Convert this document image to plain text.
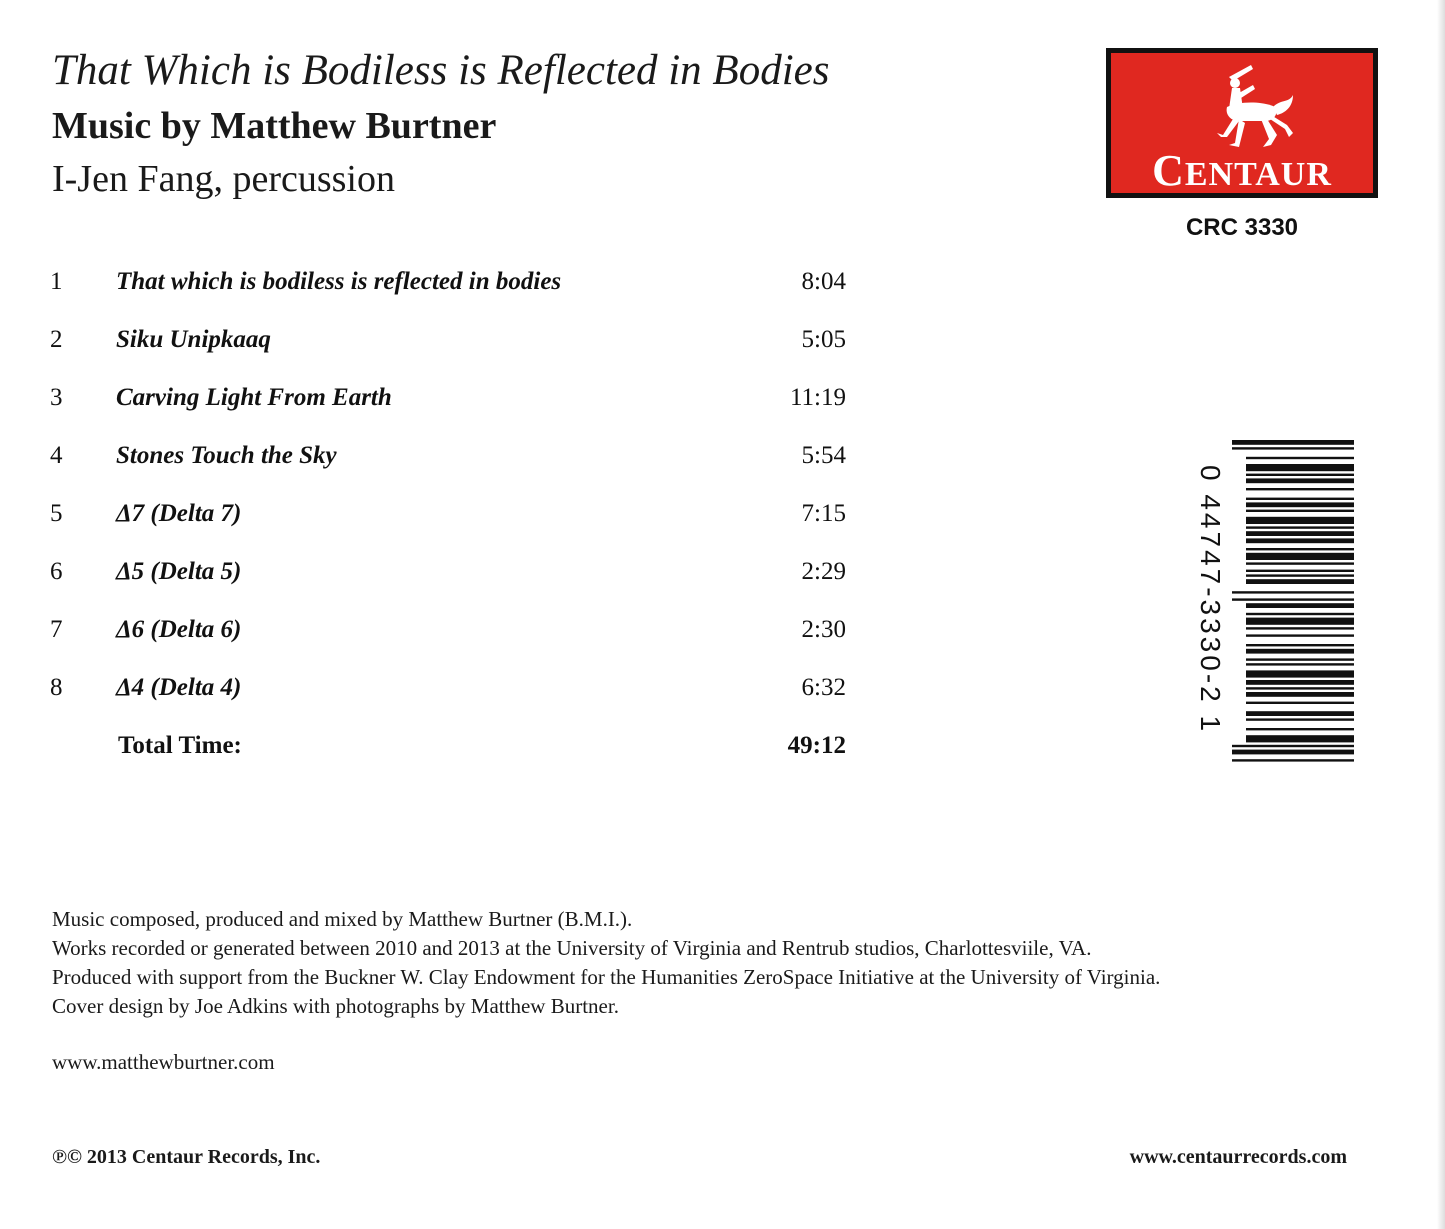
That Which is Bodiless is Reflected in Bodies
Music by Matthew Burtner
I-Jen Fang, percussion	CENTAUR
CRC 3330
1 That which is bodiless is reflected in bodies	8:04
2 Siku Unipkaaq	5:05
3 Carving Light From Earth	11:19
4 Stones Touch the Sky	5:54
5 Δ7 (Delta 7)	7:15
6 Δ5 (Delta 5)	2:29
7 Δ6 (Delta 6)	2:30
8 Δ4 (Delta 4)	6:32
Total Time:	49:12
0 44747-3330-2 1
Music composed, produced and mixed by Matthew Burtner (B.M.I.).
Works recorded or generated between 2010 and 2013 at the University of Virginia and Rentrub studios, Charlottesviile, VA.
Produced with support from the Buckner W. Clay Endowment for the Humanities ZeroSpace Initiative at the University of Virginia.
Cover design by Joe Adkins with photographs by Matthew Burtner.
www.matthewburtner.com
℗© 2013 Centaur Records, Inc.	www.centaurrecords.com
